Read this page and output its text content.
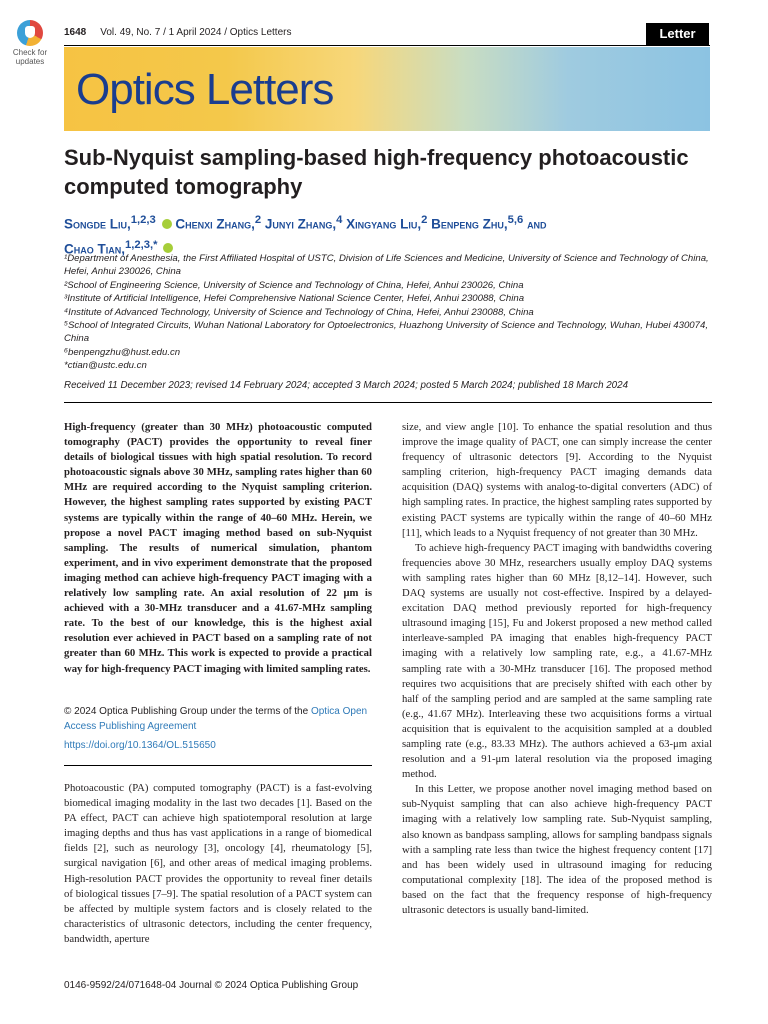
Check for updates
1648 Vol. 49, No. 7 / 1 April 2024 / Optics Letters	Letter
Optics Letters
Sub-Nyquist sampling-based high-frequency photoacoustic computed tomography
Songde Liu,$^{1,2,3}$ Chenxi Zhang,$^2$ Junyi Zhang,$^4$ Xingyang Liu,$^2$ Benpeng Zhu,$^{5,6}$ and
Chao Tian,$^{1,2,3,*}$
¹Department of Anesthesia, the First Affiliated Hospital of USTC, Division of Life Sciences and Medicine, University of Science and Technology of China, Hefei, Anhui 230026, China
²School of Engineering Science, University of Science and Technology of China, Hefei, Anhui 230026, China
³Institute of Artificial Intelligence, Hefei Comprehensive National Science Center, Hefei, Anhui 230088, China
⁴Institute of Advanced Technology, University of Science and Technology of China, Hefei, Anhui 230088, China
⁵School of Integrated Circuits, Wuhan National Laboratory for Optoelectronics, Huazhong University of Science and Technology, Wuhan, Hubei 430074, China
⁶benpengzhu@hust.edu.cn
*ctian@ustc.edu.cn
Received 11 December 2023; revised 14 February 2024; accepted 3 March 2024; posted 5 March 2024; published 18 March 2024
High-frequency (greater than 30 MHz) photoacoustic computed tomography (PACT) provides the opportunity to reveal finer details of biological tissues with high spatial resolution. To record photoacoustic signals above 30 MHz, sampling rates higher than 60 MHz are required according to the Nyquist sampling criterion. However, the highest sampling rates supported by existing PACT systems are typically within the range of 40–60 MHz. Herein, we propose a novel PACT imaging method based on sub-Nyquist sampling. The results of numerical simulation, phantom experiment, and in vivo experiment demonstrate that the proposed imaging method can achieve high-frequency PACT imaging with a relatively low sampling rate. An axial resolution of 22 μm is achieved with a 30-MHz transducer and a 41.67-MHz sampling rate. To the best of our knowledge, this is the highest axial resolution ever achieved in PACT based on a sampling rate of not greater than 60 MHz. This work is expected to provide a practical way for high-frequency PACT imaging with limited sampling rates.
© 2024 Optica Publishing Group under the terms of the Optica Open Access Publishing Agreement
https://doi.org/10.1364/OL.515650

Photoacoustic (PA) computed tomography (PACT) is a fast-evolving biomedical imaging modality in the last two decades [1]. Based on the PA effect, PACT can achieve high spatiotemporal resolution at large imaging depths and thus has vast applications in a range of biomedical fields [2], such as neurology [3], oncology [4], rheumatology [5], surgical navigation [6], and other areas of medical imaging problems. High-resolution PACT provides the opportunity to reveal finer details of biological tissues [7–9]. The spatial resolution of a PACT system can be affected by multiple system factors and is closely related to the characteristics of ultrasonic detectors, including the center frequency, bandwidth, aperture

size, and view angle [10]. To enhance the spatial resolution and thus improve the image quality of PACT, one can simply increase the center frequency of ultrasonic detectors [9]. According to the Nyquist sampling criterion, high-frequency PACT imaging demands data acquisition (DAQ) systems with analog-to-digital converters (ADC) of high sampling rates. In practice, the highest sampling rates supported by existing PACT systems are typically within the range of 40–60 MHz [11], which leads to a Nyquist frequency of not greater than 30 MHz.

To achieve high-frequency PACT imaging with bandwidths covering frequencies above 30 MHz, researchers usually employ DAQ systems with sampling rates higher than 60 MHz [8,12–14]. However, such DAQ systems are usually not cost-effective. Inspired by a delayed-excitation DAQ method previously reported for high-frequency ultrasound imaging [15], Fu and Jokerst proposed a new method called interleave-sampled PA imaging that enables high-frequency PACT imaging with a relatively low sampling rate, e.g., a 41.67-MHz sampling rate with a 30-MHz transducer [16]. The proposed method requires two acquisitions that are precisely shifted with each other by half of the sampling period and are sampled at the same sampling rate (e.g., 41.67 MHz). Interleaving these two acquisitions forms a virtual acquisition that is equivalent to the acquisition sampled at a doubled sampling rate (e.g., 83.33 MHz). The authors achieved a 63-μm axial resolution and a 91-μm lateral resolution via the proposed imaging method.

In this Letter, we propose another novel imaging method based on sub-Nyquist sampling that can also achieve high-frequency PACT imaging with a relatively low sampling rate. Sub-Nyquist sampling, also known as bandpass sampling, allows for sampling bandpass signals with a sampling rate less than twice the highest frequency content [17] and has been widely used in ultrasound imaging for reducing computational complexity [18]. The idea of the proposed method is based on the fact that the frequency response of high-frequency ultrasonic detectors is usually band-limited.

0146-9592/24/071648-04 Journal © 2024 Optica Publishing Group
